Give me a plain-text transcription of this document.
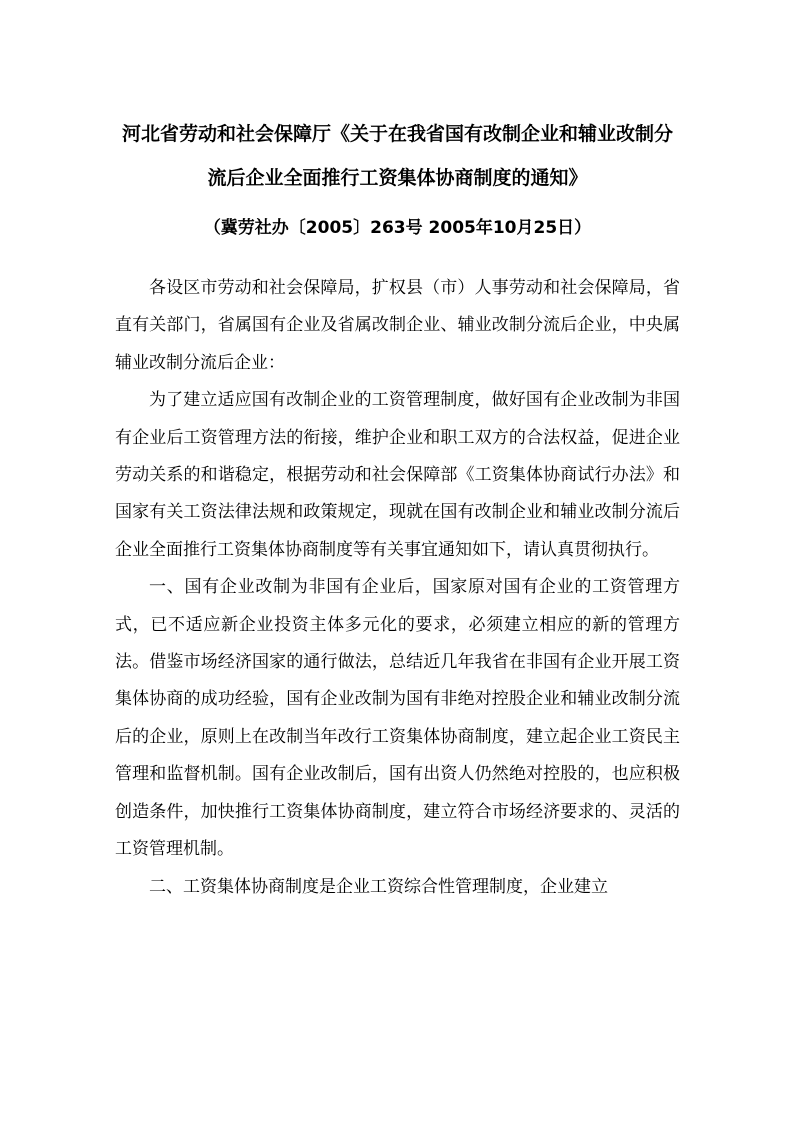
河北省劳动和社会保障厅《关于在我省国有改制企业和辅业改制分流后企业全面推行工资集体协商制度的通知》
（冀劳社办〔2005〕263号 2005年10月25日）

各设区市劳动和社会保障局，扩权县（市）人事劳动和社会保障局，省直有关部门，省属国有企业及省属改制企业、辅业改制分流后企业，中央属辅业改制分流后企业：

为了建立适应国有改制企业的工资管理制度，做好国有企业改制为非国有企业后工资管理方法的衔接，维护企业和职工双方的合法权益，促进企业劳动关系的和谐稳定，根据劳动和社会保障部《工资集体协商试行办法》和国家有关工资法律法规和政策规定，现就在国有改制企业和辅业改制分流后企业全面推行工资集体协商制度等有关事宜通知如下，请认真贯彻执行。

一、国有企业改制为非国有企业后，国家原对国有企业的工资管理方式，已不适应新企业投资主体多元化的要求，必须建立相应的新的管理方法。借鉴市场经济国家的通行做法，总结近几年我省在非国有企业开展工资集体协商的成功经验，国有企业改制为国有非绝对控股企业和辅业改制分流后的企业，原则上在改制当年改行工资集体协商制度，建立起企业工资民主管理和监督机制。国有企业改制后，国有出资人仍然绝对控股的，也应积极创造条件，加快推行工资集体协商制度，建立符合市场经济要求的、灵活的工资管理机制。

二、工资集体协商制度是企业工资综合性管理制度，企业建立
